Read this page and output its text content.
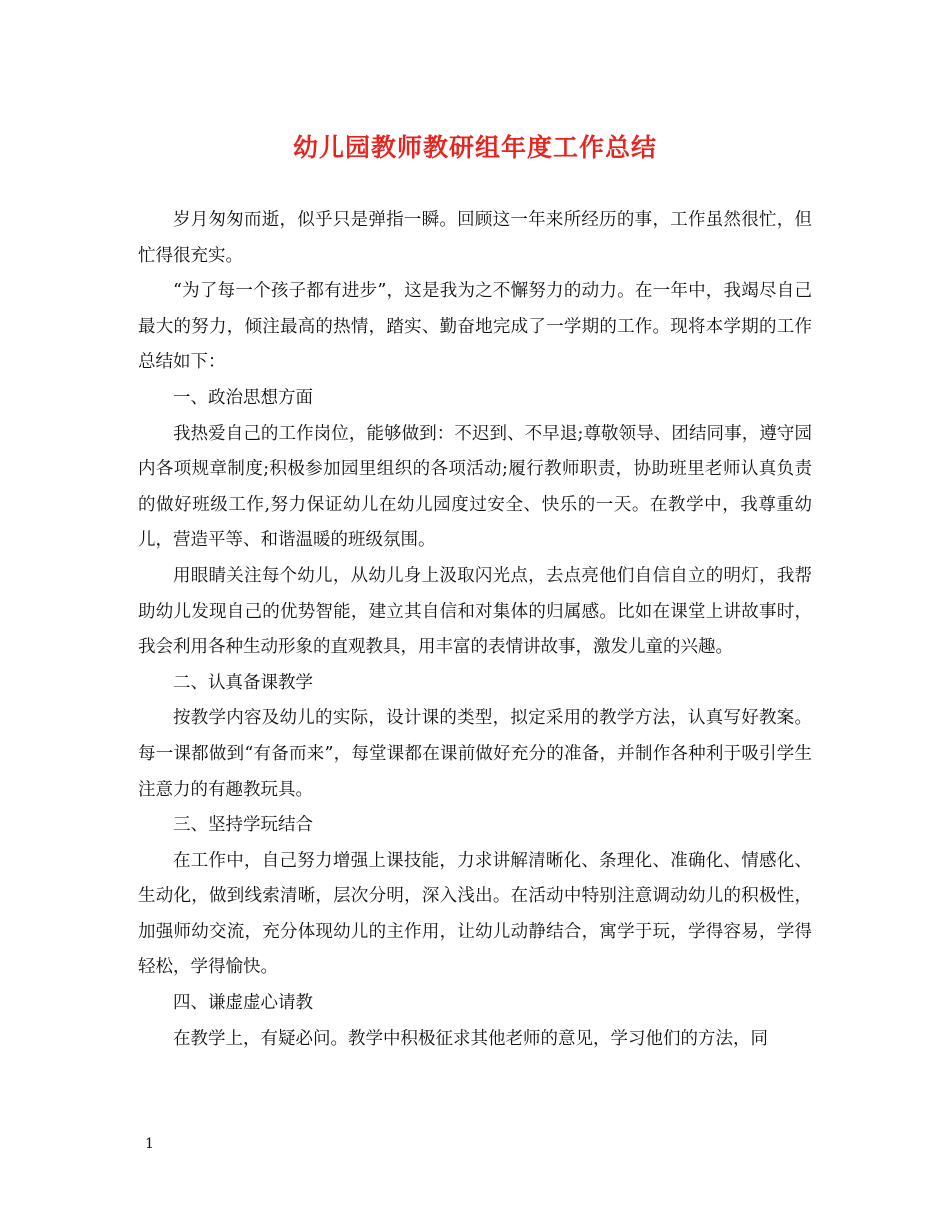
幼儿园教师教研组年度工作总结

岁月匆匆而逝，似乎只是弹指一瞬。回顾这一年来所经历的事，工作虽然很忙，但忙得很充实。

“为了每一个孩子都有进步”，这是我为之不懈努力的动力。在一年中，我竭尽自己最大的努力，倾注最高的热情，踏实、勤奋地完成了一学期的工作。现将本学期的工作总结如下：

一、政治思想方面

我热爱自己的工作岗位，能够做到：不迟到、不早退;尊敬领导、团结同事，遵守园内各项规章制度;积极参加园里组织的各项活动;履行教师职责，协助班里老师认真负责的做好班级工作,努力保证幼儿在幼儿园度过安全、快乐的一天。在教学中，我尊重幼儿，营造平等、和谐温暖的班级氛围。

用眼睛关注每个幼儿，从幼儿身上汲取闪光点，去点亮他们自信自立的明灯，我帮助幼儿发现自己的优势智能，建立其自信和对集体的归属感。比如在课堂上讲故事时，我会利用各种生动形象的直观教具，用丰富的表情讲故事，激发儿童的兴趣。

二、认真备课教学

按教学内容及幼儿的实际，设计课的类型，拟定采用的教学方法，认真写好教案。每一课都做到“有备而来”，每堂课都在课前做好充分的准备，并制作各种利于吸引学生注意力的有趣教玩具。

三、坚持学玩结合

在工作中，自己努力增强上课技能，力求讲解清晰化、条理化、准确化、情感化、生动化，做到线索清晰，层次分明，深入浅出。在活动中特别注意调动幼儿的积极性，加强师幼交流，充分体现幼儿的主作用，让幼儿动静结合，寓学于玩，学得容易，学得轻松，学得愉快。

四、谦虚虚心请教

在教学上，有疑必问。教学中积极征求其他老师的意见，学习他们的方法，同

1
